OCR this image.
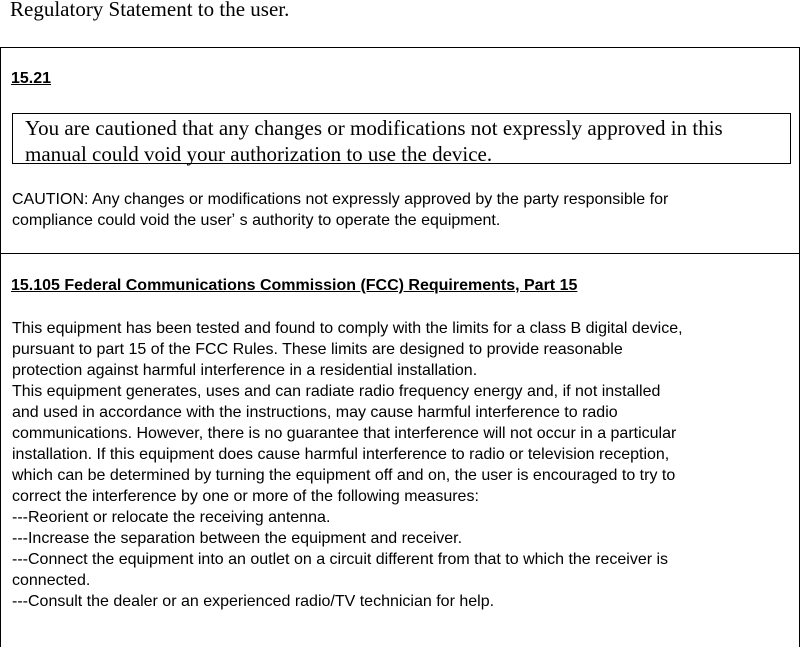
Regulatory Statement to the user.
15.21
You are cautioned that any changes or modifications not expressly approved in this
manual could void your authorization to use the device.
CAUTION: Any changes or modifications not expressly approved by the party responsible for
compliance could void the userʼ s authority to operate the equipment.
15.105 Federal Communications Commission (FCC) Requirements, Part 15
This equipment has been tested and found to comply with the limits for a class B digital device,
pursuant to part 15 of the FCC Rules. These limits are designed to provide reasonable
protection against harmful interference in a residential installation.
This equipment generates, uses and can radiate radio frequency energy and, if not installed
and used in accordance with the instructions, may cause harmful interference to radio
communications. However, there is no guarantee that interference will not occur in a particular
installation. If this equipment does cause harmful interference to radio or television reception,
which can be determined by turning the equipment off and on, the user is encouraged to try to
correct the interference by one or more of the following measures:
---Reorient or relocate the receiving antenna.
---Increase the separation between the equipment and receiver.
---Connect the equipment into an outlet on a circuit different from that to which the receiver is
connected.
---Consult the dealer or an experienced radio/TV technician for help.
